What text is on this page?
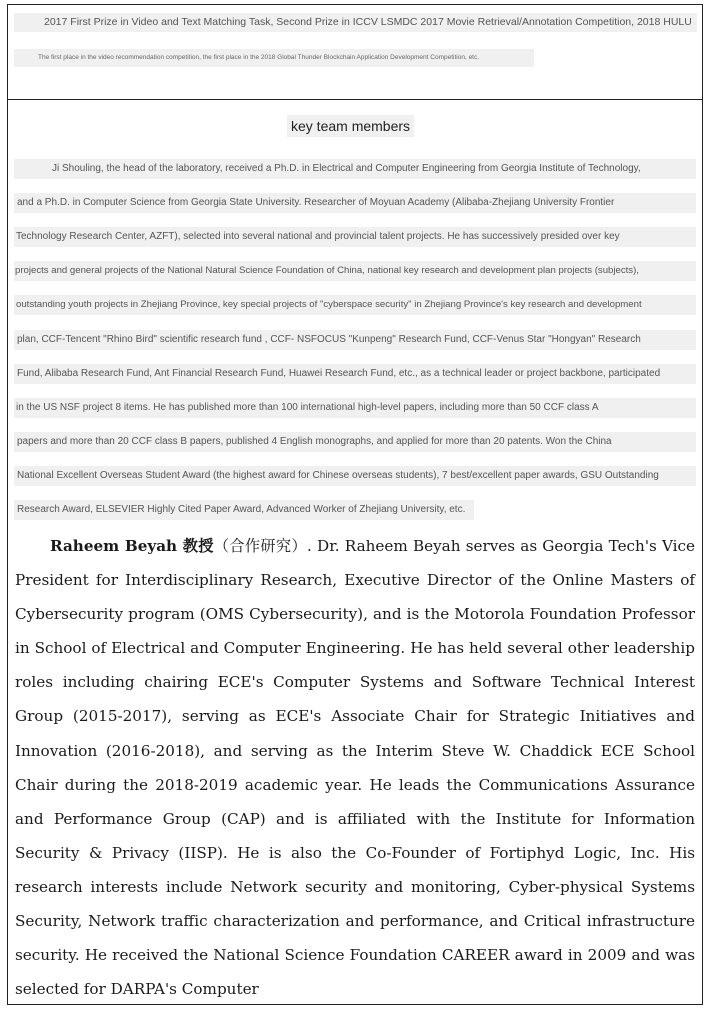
2017 First Prize in Video and Text Matching Task, Second Prize in ICCV LSMDC 2017 Movie Retrieval/Annotation Competition, 2018 HULU
The first place in the video recommendation competition, the first place in the 2018 Global Thunder Blockchain Application Development Competition, etc.
key team members
Ji Shouling, the head of the laboratory, received a Ph.D. in Electrical and Computer Engineering from Georgia Institute of Technology,
and a Ph.D. in Computer Science from Georgia State University. Researcher of Moyuan Academy (Alibaba-Zhejiang University Frontier
Technology Research Center, AZFT), selected into several national and provincial talent projects. He has successively presided over key
projects and general projects of the National Natural Science Foundation of China, national key research and development plan projects (subjects),
outstanding youth projects in Zhejiang Province, key special projects of "cyberspace security" in Zhejiang Province's key research and development
plan, CCF-Tencent "Rhino Bird" scientific research fund , CCF- NSFOCUS "Kunpeng" Research Fund, CCF-Venus Star "Hongyan" Research
Fund, Alibaba Research Fund, Ant Financial Research Fund, Huawei Research Fund, etc., as a technical leader or project backbone, participated
in the US NSF project 8 items. He has published more than 100 international high-level papers, including more than 50 CCF class A
papers and more than 20 CCF class B papers, published 4 English monographs, and applied for more than 20 patents. Won the China
National Excellent Overseas Student Award (the highest award for Chinese overseas students), 7 best/excellent paper awards, GSU Outstanding
Research Award, ELSEVIER Highly Cited Paper Award, Advanced Worker of Zhejiang University, etc.

Raheem Beyah 教授（合作研究）. Dr. Raheem Beyah serves as Georgia Tech's Vice President for Interdisciplinary Research, Executive Director of the Online Masters of Cybersecurity program (OMS Cybersecurity), and is the Motorola Foundation Professor in School of Electrical and Computer Engineering. He has held several other leadership roles including chairing ECE's Computer Systems and Software Technical Interest Group (2015-2017), serving as ECE's Associate Chair for Strategic Initiatives and Innovation (2016-2018), and serving as the Interim Steve W. Chaddick ECE School Chair during the 2018-2019 academic year. He leads the Communications Assurance and Performance Group (CAP) and is affiliated with the Institute for Information Security & Privacy (IISP). He is also the Co-Founder of Fortiphyd Logic, Inc. His research interests include Network security and monitoring, Cyber-physical Systems Security, Network traffic characterization and performance, and Critical infrastructure security. He received the National Science Foundation CAREER award in 2009 and was selected for DARPA's Computer
